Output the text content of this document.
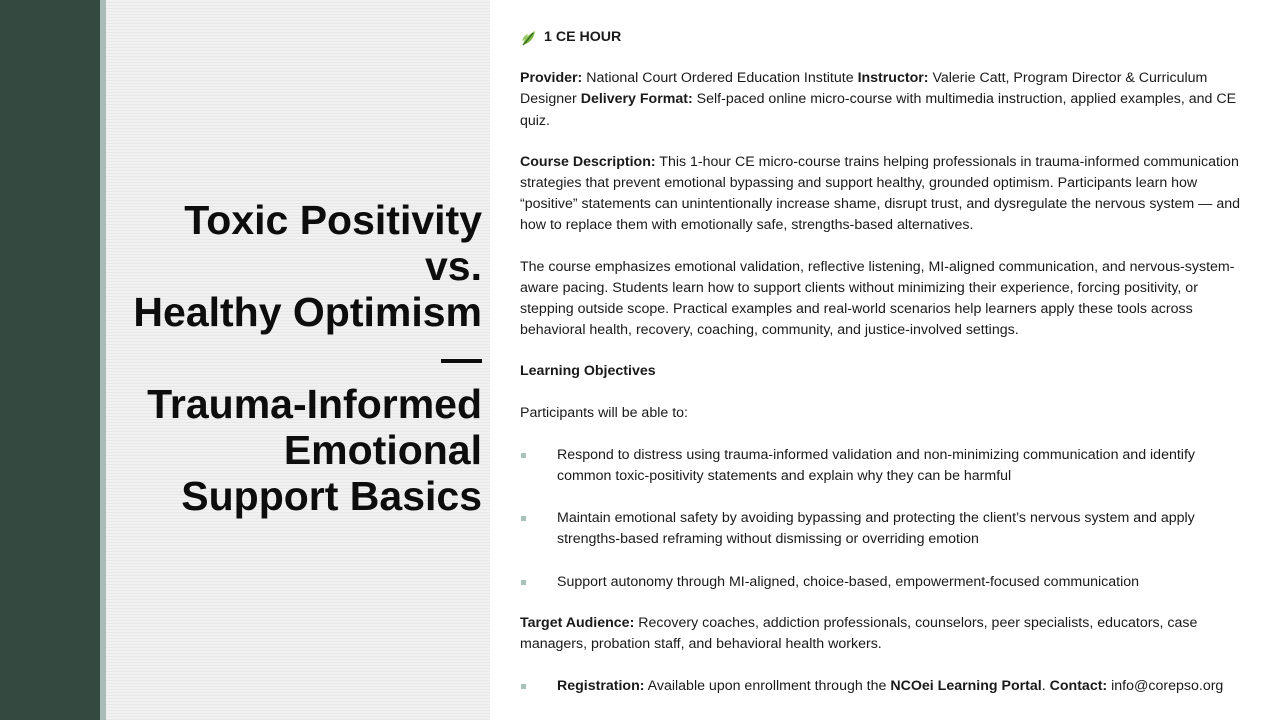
Toxic Positivity
vs.
Healthy Optimism
—
Trauma-Informed
Emotional
Support Basics

1 CE HOUR

Provider: National Court Ordered Education Institute Instructor: Valerie Catt, Program Director & Curriculum Designer Delivery Format: Self-paced online micro-course with multimedia instruction, applied examples, and CE quiz.

Course Description: This 1-hour CE micro-course trains helping professionals in trauma-informed communication strategies that prevent emotional bypassing and support healthy, grounded optimism. Participants learn how “positive” statements can unintentionally increase shame, disrupt trust, and dysregulate the nervous system — and how to replace them with emotionally safe, strengths-based alternatives.

The course emphasizes emotional validation, reflective listening, MI-aligned communication, and nervous-system-aware pacing. Students learn how to support clients without minimizing their experience, forcing positivity, or stepping outside scope. Practical examples and real-world scenarios help learners apply these tools across behavioral health, recovery, coaching, community, and justice-involved settings.

Learning Objectives

Participants will be able to:

Respond to distress using trauma-informed validation and non-minimizing communication and identify common toxic-positivity statements and explain why they can be harmful

Maintain emotional safety by avoiding bypassing and protecting the client’s nervous system and apply strengths-based reframing without dismissing or overriding emotion

Support autonomy through MI-aligned, choice-based, empowerment-focused communication

Target Audience: Recovery coaches, addiction professionals, counselors, peer specialists, educators, case managers, probation staff, and behavioral health workers.

Registration: Available upon enrollment through the NCOei Learning Portal. Contact: info@corepso.org
